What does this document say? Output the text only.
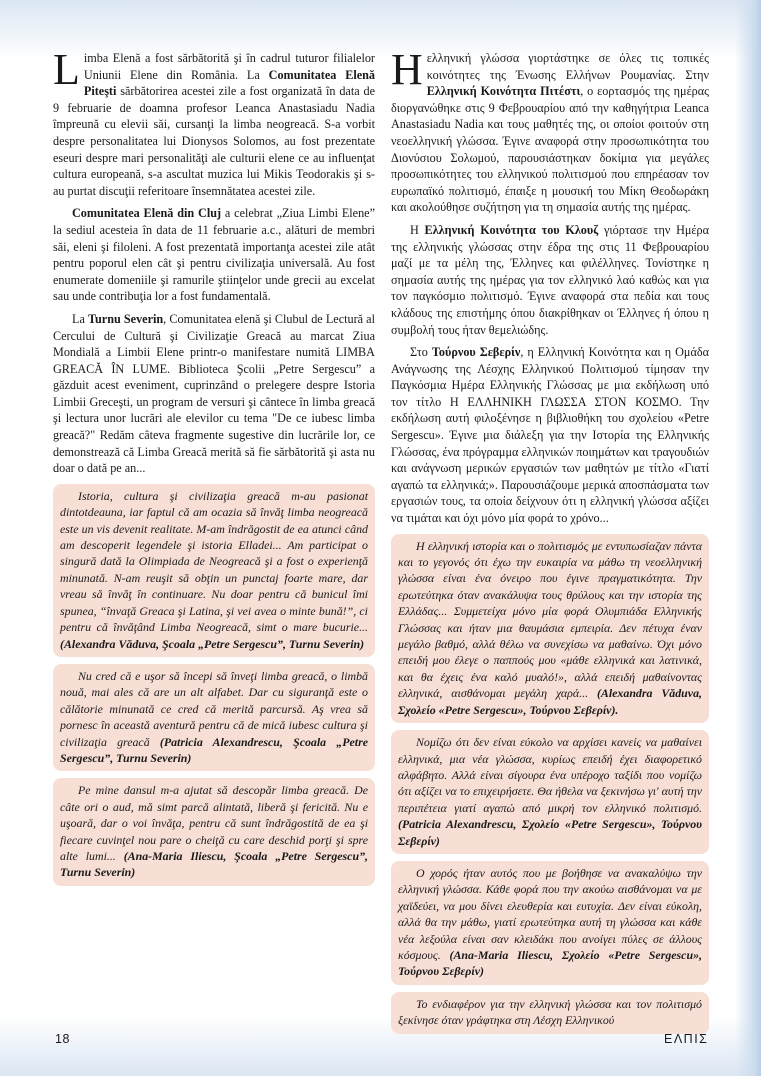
Limba Elenă a fost sărbătorită şi în cadrul tuturor filialelor Uniunii Elene din România. La Comunitatea Elenă Piteşti sărbătorirea acestei zile a fost organizată în data de 9 februarie de doamna profesor Leanca Anastasiadu Nadia împreună cu elevii săi, cursanţi la limba neogreacă. S-a vorbit despre personalitatea lui Dionysos Solomos, au fost prezentate eseuri despre mari personalităţi ale culturii elene ce au influenţat cultura europeană, s-a ascultat muzica lui Mikis Teodorakis şi s-au purtat discuţii referitoare însemnătatea acestei zile.

Comunitatea Elenă din Cluj a celebrat „Ziua Limbi Elene” la sediul acesteia în data de 11 februarie a.c., alături de membri săi, eleni şi filoleni. A fost prezentată importanţa acestei zile atât pentru poporul elen cât şi pentru civilizaţia universală. Au fost enumerate domeniile şi ramurile ştiinţelor unde grecii au excelat sau unde contribuţia lor a fost fundamentală.

La Turnu Severin, Comunitatea elenă şi Clubul de Lectură al Cercului de Cultură şi Civilizaţie Greacă au marcat Ziua Mondială a Limbii Elene printr-o manifestare numită LIMBA GREACĂ ÎN LUME. Biblioteca Şcolii „Petre Sergescu” a găzduit acest eveniment, cuprinzând o prelegere despre Istoria Limbii Greceşti, un program de versuri şi cântece în limba greacă şi lectura unor lucrări ale elevilor cu tema "De ce iubesc limba greacă?" Redăm câteva fragmente sugestive din lucrările lor, ce demonstrează că Limba Greacă merită să fie sărbătorită şi asta nu doar o dată pe an...

Istoria, cultura şi civilizaţia greacă m-au pasionat dintotdeauna, iar faptul că am ocazia să învăţ limba neogreacă este un vis devenit realitate. M-am îndrăgostit de ea atunci când am descoperit legendele şi istoria Elladei... Am participat o singură dată la Olimpiada de Neogreacă şi a fost o experienţă minunată. N-am reuşit să obţin un punctaj foarte mare, dar vreau să învăţ în continuare. Nu doar pentru că bunicul îmi spunea, “învaţă Greaca şi Latina, şi vei avea o minte bună!”, ci pentru că învăţând Limba Neogreacă, simt o mare bucurie... (Alexandra Văduva, Şcoala „Petre Sergescu”, Turnu Severin)

Nu cred că e uşor să începi să înveţi limba greacă, o limbă nouă, mai ales că are un alt alfabet. Dar cu siguranţă este o călătorie minunată ce cred că merită parcursă. Aş vrea să pornesc în această aventură pentru că de mică iubesc cultura şi civilizaţia greacă (Patricia Alexandrescu, Şcoala „Petre Sergescu”, Turnu Severin)

Pe mine dansul m-a ajutat să descopăr limba greacă. De câte ori o aud, mă simt parcă alintată, liberă şi fericită. Nu e uşoară, dar o voi învăţa, pentru că sunt îndrăgostită de ea şi fiecare cuvinţel nou pare o cheiţă cu care deschid porţi şi spre alte lumi... (Ana-Maria Iliescu, Şcoala „Petre Sergescu”, Turnu Severin)

Ηελληνική γλώσσα γιορτάστηκε σε όλες τις τοπικές κοινότητες της Ένωσης Ελλήνων Ρουμανίας. Στην Ελληνική Κοινότητα Πιτέστι, ο εορτασμός της ημέρας διοργανώθηκε στις 9 Φεβρουαρίου από την καθηγήτρια Leanca Anastasiadu Nadia και τους μαθητές της, οι οποίοι φοιτούν στη νεοελληνική γλώσσα. Έγινε αναφορά στην προσωπικότητα του Διονύσιου Σολωμού, παρουσιάστηκαν δοκίμια για μεγάλες προσωπικότητες του ελληνικού πολιτισμού που επηρέασαν τον ευρωπαϊκό πολιτισμό, έπαιξε η μουσική του Μίκη Θεοδωράκη και ακολούθησε συζήτηση για τη σημασία αυτής της ημέρας.

Η Ελληνική Κοινότητα του Κλουζ γιόρτασε την Ημέρα της ελληνικής γλώσσας στην έδρα της στις 11 Φεβρουαρίου μαζί με τα μέλη της, Έλληνες και φιλέλληνες. Τονίστηκε η σημασία αυτής της ημέρας για τον ελληνικό λαό καθώς και για τον παγκόσμιο πολιτισμό. Έγινε αναφορά στα πεδία και τους κλάδους της επιστήμης όπου διακρίθηκαν οι Έλληνες ή όπου η συμβολή τους ήταν θεμελιώδης.

Στο Τούρνου Σεβερίν, η Ελληνική Κοινότητα και η Ομάδα Ανάγνωσης της Λέσχης Ελληνικού Πολιτισμού τίμησαν την Παγκόσμια Ημέρα Ελληνικής Γλώσσας με μια εκδήλωση υπό τον τίτλο Η ΕΛΛΗΝΙΚΗ ΓΛΩΣΣΑ ΣΤΟΝ ΚΟΣΜΟ. Την εκδήλωση αυτή φιλοξένησε η βιβλιοθήκη του σχολείου «Petre Sergescu». Έγινε μια διάλεξη για την Ιστορία της Ελληνικής Γλώσσας, ένα πρόγραμμα ελληνικών ποιημάτων και τραγουδιών και ανάγνωση μερικών εργασιών των μαθητών με τίτλο «Γιατί αγαπώ τα ελληνικά;». Παρουσιάζουμε μερικά αποσπάσματα των εργασιών τους, τα οποία δείχνουν ότι η ελληνική γλώσσα αξίζει να τιμάται και όχι μόνο μία φορά το χρόνο...

Η ελληνική ιστορία και ο πολιτισμός με εντυπωσίαζαν πάντα και το γεγονός ότι έχω την ευκαιρία να μάθω τη νεοελληνική γλώσσα είναι ένα όνειρο που έγινε πραγματικότητα. Την ερωτεύτηκα όταν ανακάλυψα τους θρύλους και την ιστορία της Ελλάδας... Συμμετείχα μόνο μία φορά Ολυμπιάδα Ελληνικής Γλώσσας και ήταν μια θαυμάσια εμπειρία. Δεν πέτυχα έναν μεγάλο βαθμό, αλλά θέλω να συνεχίσω να μαθαίνω. Όχι μόνο επειδή μου έλεγε ο παππούς μου «μάθε ελληνικά και λατινικά, και θα έχεις ένα καλό μυαλό!», αλλά επειδή μαθαίνοντας ελληνικά, αισθάνομαι μεγάλη χαρά... (Alexandra Văduva, Σχολείο «Petre Sergescu», Τούρνου Σεβερίν).

Νομίζω ότι δεν είναι εύκολο να αρχίσει κανείς να μαθαίνει ελληνικά, μια νέα γλώσσα, κυρίως επειδή έχει διαφορετικό αλφάβητο. Αλλά είναι σίγουρα ένα υπέροχο ταξίδι που νομίζω ότι αξίζει να το επιχειρήσετε. Θα ήθελα να ξεκινήσω γι' αυτή την περιπέτεια γιατί αγαπώ από μικρή τον ελληνικό πολιτισμό. (Patricia Alexandrescu, Σχολείο «Petre Sergescu», Τούρνου Σεβερίν)

Ο χορός ήταν αυτός που με βοήθησε να ανακαλύψω την ελληνική γλώσσα. Κάθε φορά που την ακούω αισθάνομαι να με χαϊδεύει, να μου δίνει ελευθερία και ευτυχία. Δεν είναι εύκολη, αλλά θα την μάθω, γιατί ερωτεύτηκα αυτή τη γλώσσα και κάθε νέα λεξούλα είναι σαν κλειδάκι που ανοίγει πύλες σε άλλους κόσμους. (Ana-Maria Iliescu, Σχολείο «Petre Sergescu», Τούρνου Σεβερίν)

Το ενδιαφέρον για την ελληνική γλώσσα και τον πολιτισμό ξεκίνησε όταν γράφτηκα στη Λέσχη Ελληνικού

18	ΕΛΠΙΣ
